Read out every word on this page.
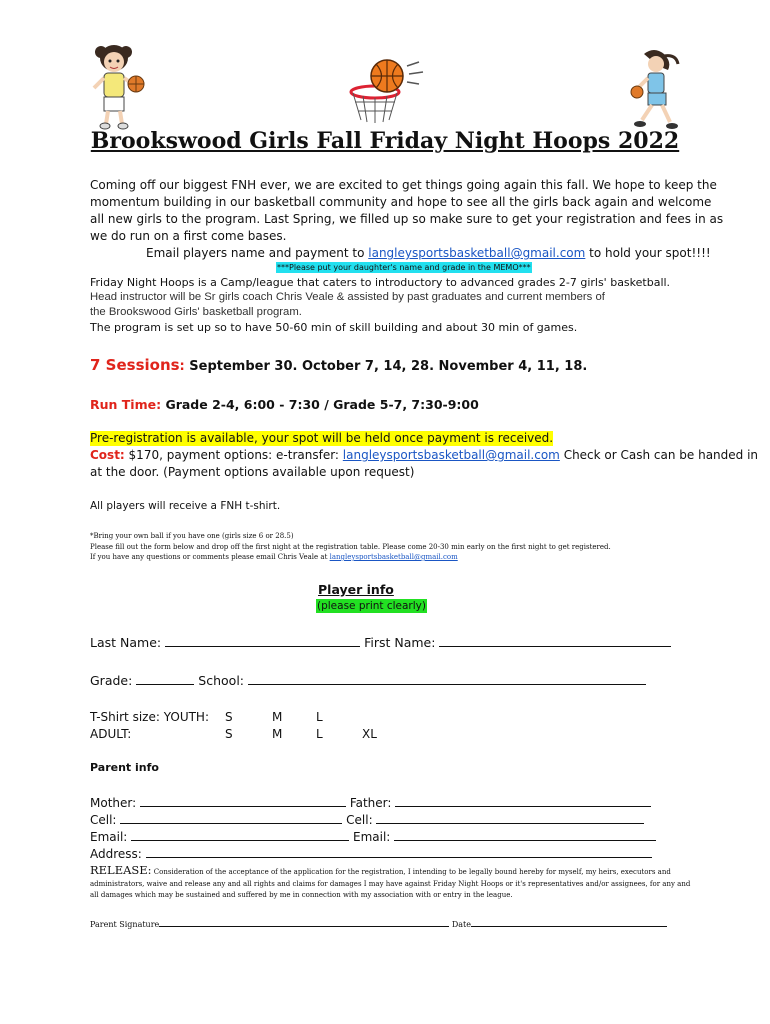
Brookswood Girls Fall Friday Night Hoops 2022
Coming off our biggest FNH ever, we are excited to get things going again this fall. We hope to keep the
momentum building in our basketball community and hope to see all the girls back again and welcome
all new girls to the program. Last Spring, we filled up so make sure to get your registration and fees in as
we do run on a first come bases.
Email players name and payment to langleysportsbasketball@gmail.com to hold your spot!!!!
***Please put your daughter's name and grade in the MEMO***
Friday Night Hoops is a Camp/league that caters to introductory to advanced grades 2-7 girls' basketball.
Head instructor will be Sr girls coach Chris Veale & assisted by past graduates and current members of
the Brookswood Girls' basketball program.
The program is set up so to have 50-60 min of skill building and about 30 min of games.
7 Sessions: September 30. October 7, 14, 28. November 4, 11, 18.
Run Time: Grade 2-4, 6:00 - 7:30 / Grade 5-7, 7:30-9:00
Pre-registration is available, your spot will be held once payment is received.
Cost: $170, payment options: e-transfer: langleysportsbasketball@gmail.com Check or Cash can be handed in
at the door. (Payment options available upon request)
All players will receive a FNH t-shirt.
*Bring your own ball if you have one (girls size 6 or 28.5)
Please fill out the form below and drop off the first night at the registration table. Please come 20-30 min early on the first night to get registered.
If you have any questions or comments please email Chris Veale at langleysportsbasketball@gmail.com
Player info
(please print clearly)
Last Name:	First Name:
Grade:	School:
T-Shirt size: YOUTH: S	M	L
ADULT:	S	M	L	XL
Parent info
Mother:	Father:
Cell:	Cell:
Email:	Email:
Address:
RELEASE: Consideration of the acceptance of the application for the registration, I intending to be legally bound hereby for myself, my heirs, executors and
administrators, waive and release any and all rights and claims for damages I may have against Friday Night Hoops or it's representatives and/or assignees, for any and
all damages which may be sustained and suffered by me in connection with my association with or entry in the league.
Parent Signature	Date
